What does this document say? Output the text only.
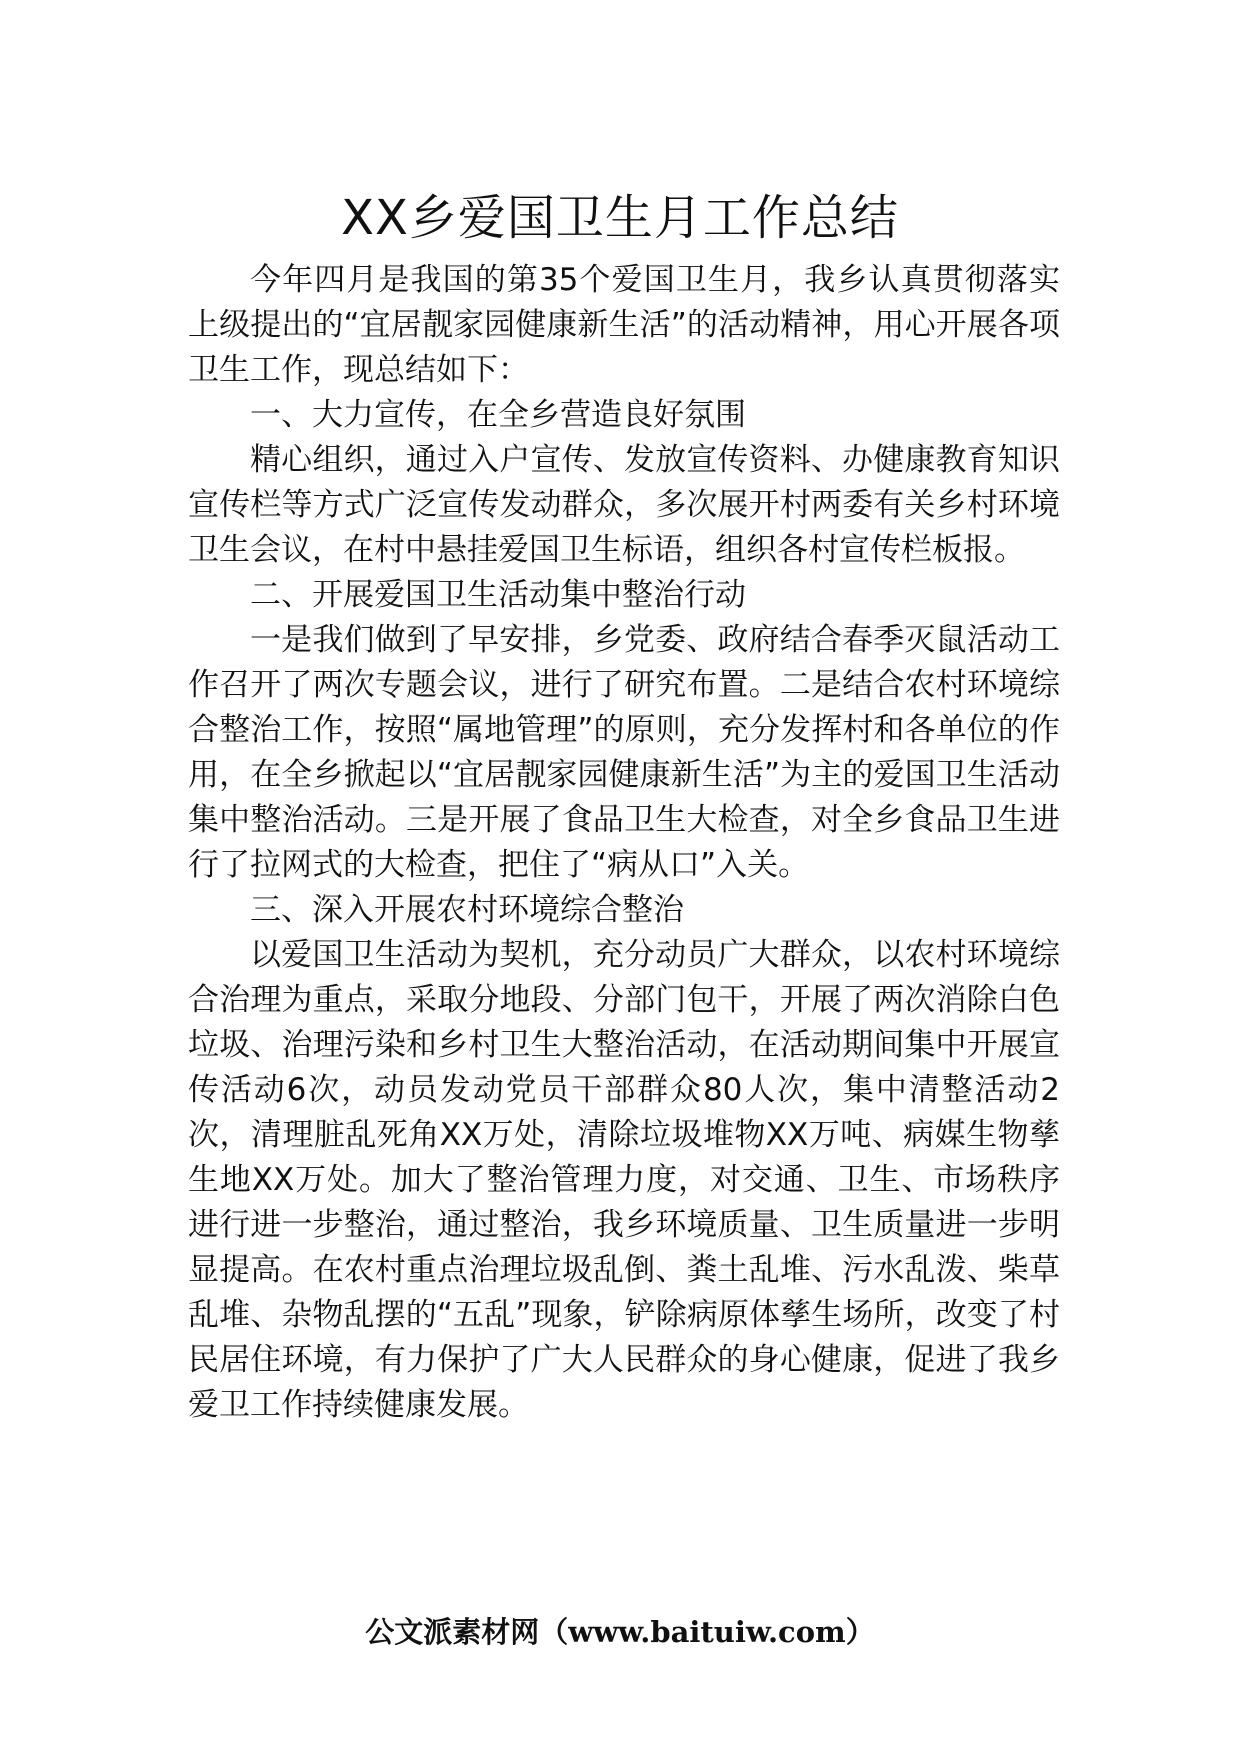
XX乡爱国卫生月工作总结

今年四月是我国的第35个爱国卫生月，我乡认真贯彻落实上级提出的“宜居靓家园健康新生活”的活动精神，用心开展各项卫生工作，现总结如下：

一、大力宣传，在全乡营造良好氛围

精心组织，通过入户宣传、发放宣传资料、办健康教育知识宣传栏等方式广泛宣传发动群众，多次展开村两委有关乡村环境卫生会议，在村中悬挂爱国卫生标语，组织各村宣传栏板报。

二、开展爱国卫生活动集中整治行动

一是我们做到了早安排，乡党委、政府结合春季灭鼠活动工作召开了两次专题会议，进行了研究布置。二是结合农村环境综合整治工作，按照“属地管理”的原则，充分发挥村和各单位的作用，在全乡掀起以“宜居靓家园健康新生活”为主的爱国卫生活动集中整治活动。三是开展了食品卫生大检查，对全乡食品卫生进行了拉网式的大检查，把住了“病从口”入关。

三、深入开展农村环境综合整治

以爱国卫生活动为契机，充分动员广大群众，以农村环境综合治理为重点，采取分地段、分部门包干，开展了两次消除白色垃圾、治理污染和乡村卫生大整治活动，在活动期间集中开展宣传活动6次，动员发动党员干部群众80人次，集中清整活动2次，清理脏乱死角XX万处，清除垃圾堆物XX万吨、病媒生物孳生地XX万处。加大了整治管理力度，对交通、卫生、市场秩序进行进一步整治，通过整治，我乡环境质量、卫生质量进一步明显提高。在农村重点治理垃圾乱倒、粪土乱堆、污水乱泼、柴草乱堆、杂物乱摆的“五乱”现象，铲除病原体孳生场所，改变了村民居住环境，有力保护了广大人民群众的身心健康，促进了我乡爱卫工作持续健康发展。

公文派素材网（www.baituiw.com）
